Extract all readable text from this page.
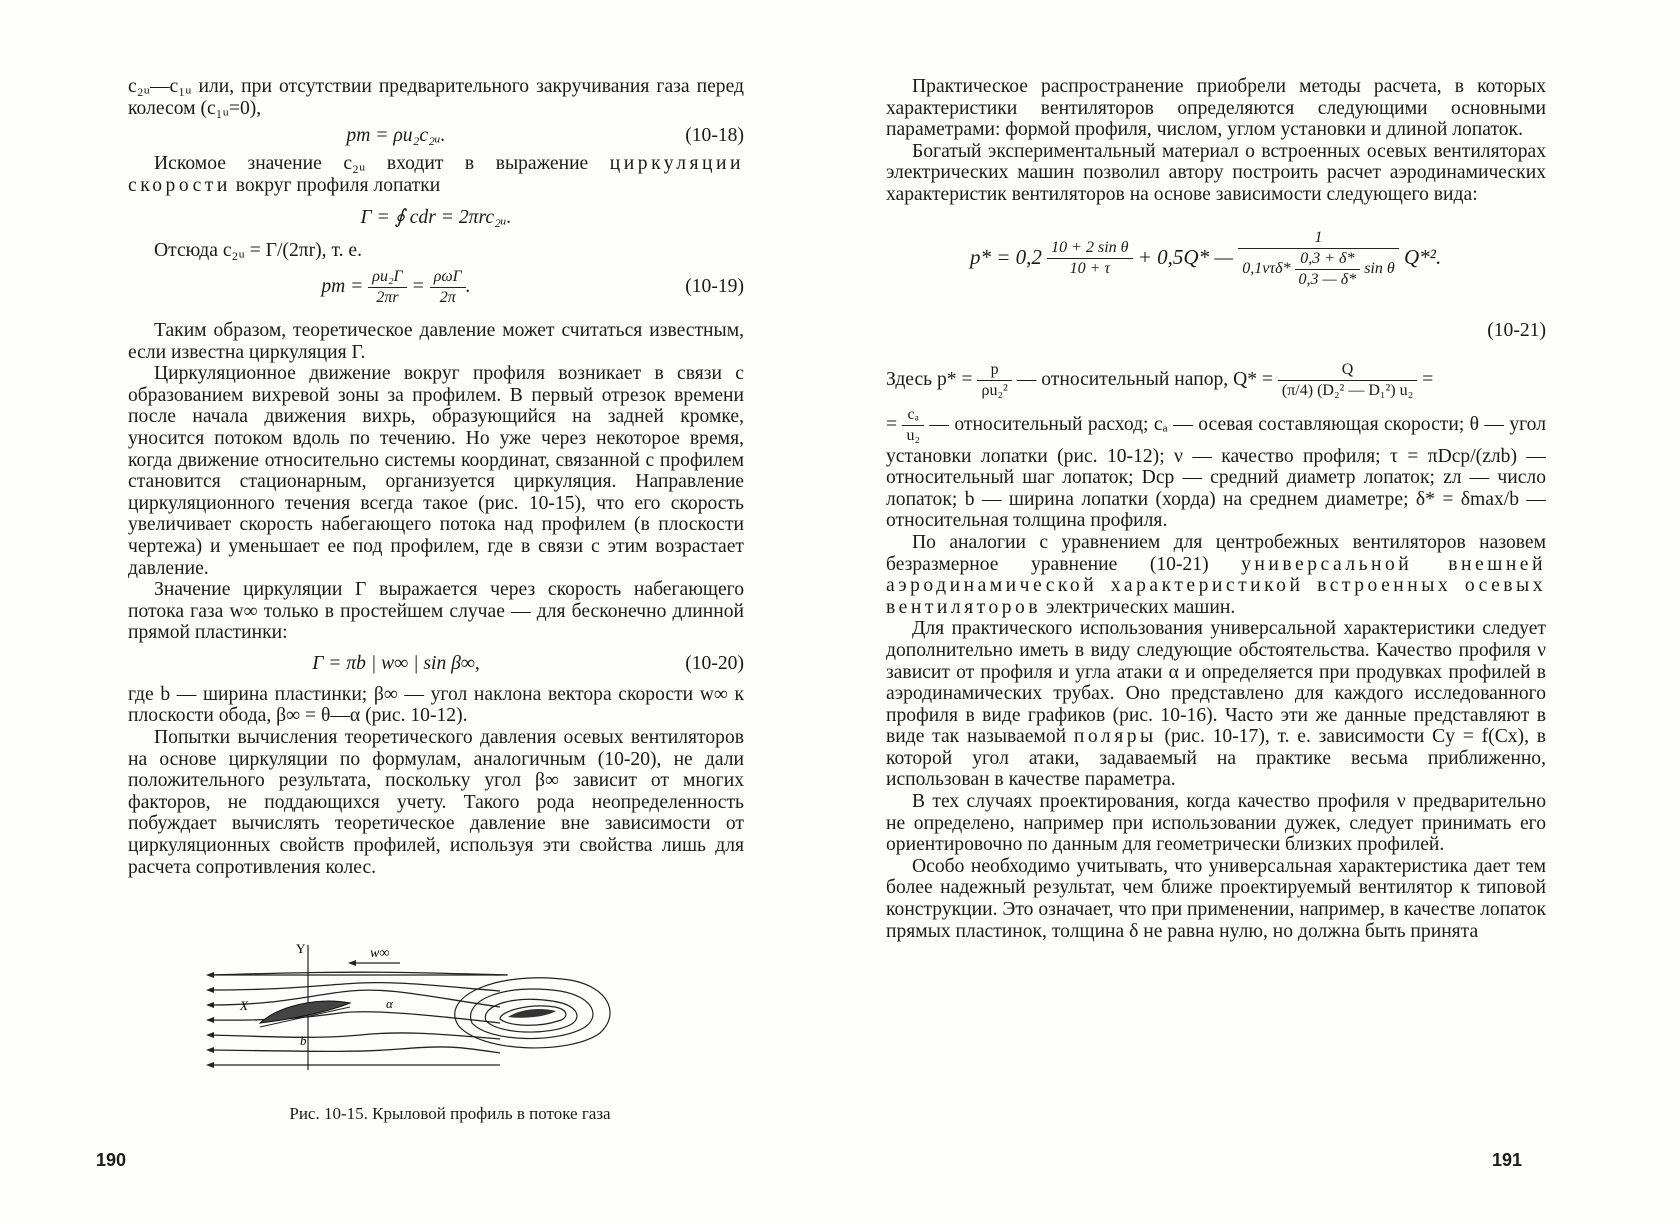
c₂ᵤ—c₁ᵤ или, при отсутствии предварительного закручивания газа перед колесом (c₁ᵤ=0),

pт = ρu₂c₂ᵤ.	(10-18)

Искомое значение c₂ᵤ входит в выражение циркуляции скорости вокруг профиля лопатки

Γ = ∮ cdr = 2πrc₂ᵤ.

Отсюда c₂ᵤ = Γ/(2πr), т. е.

pт = $\frac{\text{ρu₂Γ}}{2\pi r} = \frac{\text{ρωΓ}}{2\pi}$ .	(10-19)

Таким образом, теоретическое давление может считаться известным, если известна циркуляция Γ.

Циркуляционное движение вокруг профиля возникает в связи с образованием вихревой зоны за профилем. В первый отрезок времени после начала движения вихрь, образующийся на задней кромке, уносится потоком вдоль по течению. Но уже через некоторое время, когда движение относительно системы координат, связанной с профилем становится стационарным, организуется циркуляция. Направление циркуляционного течения всегда такое (рис. 10-15), что его скорость увеличивает скорость набегающего потока над профилем (в плоскости чертежа) и уменьшает ее под профилем, где в связи с этим возрастает давление.

Значение циркуляции Γ выражается через скорость набегающего потока газа w∞ только в простейшем случае — для бесконечно длинной прямой пластинки:

Γ = πb | w∞ | sin β∞,	(10-20)

где b — ширина пластинки; β∞ — угол наклона вектора скорости w∞ к плоскости обода, β∞ = θ—α (рис. 10-12).

Попытки вычисления теоретического давления осевых вентиляторов на основе циркуляции по формулам, аналогичным (10-20), не дали положительного результата, поскольку угол β∞ зависит от многих факторов, не поддающихся учету. Такого рода неопределенность побуждает вычислять теоретическое давление вне зависимости от циркуляционных свойств профилей, используя эти свойства лишь для расчета сопротивления колес.

Y	w∞
X	α
b
Рис. 10-15. Крыловой профиль в потоке газа
190

Практическое распространение приобрели методы расчета, в которых характеристики вентиляторов определяются следующими основными параметрами: формой профиля, числом, углом установки и длиной лопаток.

Богатый экспериментальный материал о встроенных осевых вентиляторах электрических машин позволил автору построить расчет аэродинамических характеристик вентиляторов на основе зависимости следующего вида:

$p* = 0,2 \frac{\text{10 + 2 sin θ}}{10 + \tau} + 0,5Q*$ — $\frac{1}{0,1\nu\tau\delta* \frac{0,3 + \delta*}{0,3 — \delta*} \sin \theta} Q*^2$.
(10-21)

Здесь $p* = \frac{p}{\text{ρu₂²}}$ — относительный напор, $Q* = \frac{Q}{\text{(π/4) (D₂² — D₁²) u₂}}$ =

= $\frac{\text{cₐ}}{\text{u₂}}$ — относительный расход; cₐ — осевая составляющая скорости; θ — угол установки лопатки (рис. 10-12); ν — качество профиля; τ = πDср/(zлb) — относительный шаг лопаток; Dср — средний диаметр лопаток; zл — число лопаток; b — ширина лопатки (хорда) на среднем диаметре; δ* = δmax/b — относительная толщина профиля.

По аналогии с уравнением для центробежных вентиляторов назовем безразмерное уравнение (10-21) универсальной внешней аэродинамической характеристикой встроенных осевых вентиляторов электрических машин.

Для практического использования универсальной характеристики следует дополнительно иметь в виду следующие обстоятельства. Качество профиля ν зависит от профиля и угла атаки α и определяется при продувках профилей в аэродинамических трубах. Оно представлено для каждого исследованного профиля в виде графиков (рис. 10-16). Часто эти же данные представляют в виде так называемой поляры (рис. 10-17), т. е. зависимости Cy = f(Cx), в которой угол атаки, задаваемый на практике весьма приближенно, использован в качестве параметра.

В тех случаях проектирования, когда качество профиля ν предварительно не определено, например при использовании дужек, следует принимать его ориентировочно по данным для геометрически близких профилей.

Особо необходимо учитывать, что универсальная характеристика дает тем более надежный результат, чем ближе проектируемый вентилятор к типовой конструкции. Это означает, что при применении, например, в качестве лопаток прямых пластинок, толщина δ не равна нулю, но должна быть принята

191
